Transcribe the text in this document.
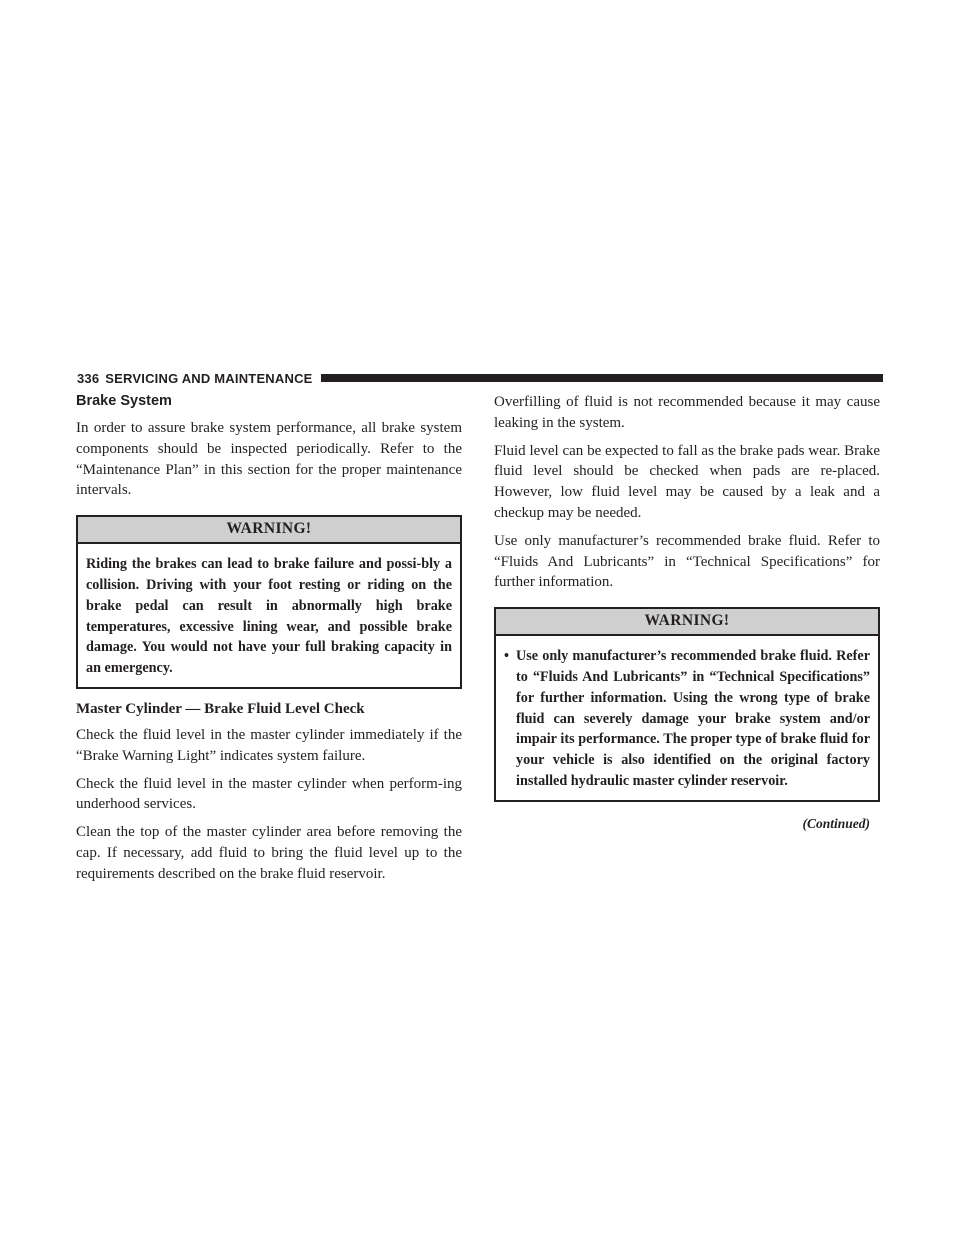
336 SERVICING AND MAINTENANCE
Brake System

In order to assure brake system performance, all brake system components should be inspected periodically. Refer to the “Maintenance Plan” in this section for the proper maintenance intervals.

WARNING!
Riding the brakes can lead to brake failure and possi-bly a collision. Driving with your foot resting or riding on the brake pedal can result in abnormally high brake temperatures, excessive lining wear, and possible brake damage. You would not have your full braking capacity in an emergency.
Master Cylinder — Brake Fluid Level Check

Check the fluid level in the master cylinder immediately if the “Brake Warning Light” indicates system failure.

Check the fluid level in the master cylinder when perform-ing underhood services.

Clean the top of the master cylinder area before removing the cap. If necessary, add fluid to bring the fluid level up to the requirements described on the brake fluid reservoir.

Overfilling of fluid is not recommended because it may cause leaking in the system.

Fluid level can be expected to fall as the brake pads wear. Brake fluid level should be checked when pads are re-placed. However, low fluid level may be caused by a leak and a checkup may be needed.

Use only manufacturer’s recommended brake fluid. Refer to “Fluids And Lubricants” in “Technical Specifications” for further information.

WARNING!
• Use only manufacturer’s recommended brake fluid. Refer to “Fluids And Lubricants” in “Technical Specifications” for further information. Using the wrong type of brake fluid can severely damage your brake system and/or impair its performance. The proper type of brake fluid for your vehicle is also identified on the original factory installed hydraulic master cylinder reservoir.
(Continued)
